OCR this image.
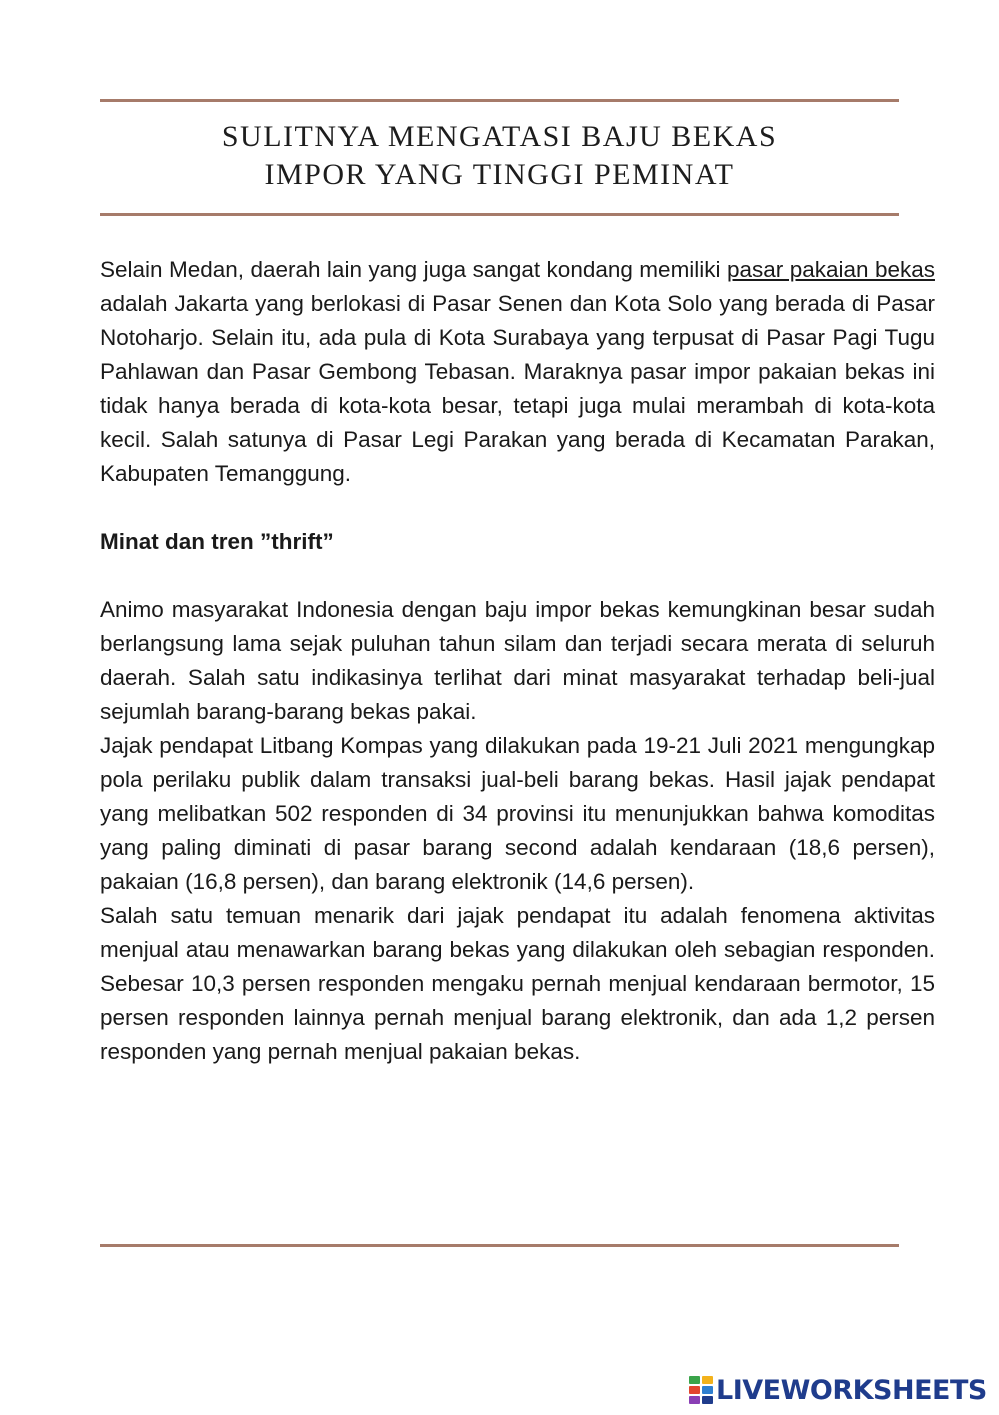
SULITNYA MENGATASI BAJU BEKAS
IMPOR YANG TINGGI PEMINAT

Selain Medan, daerah lain yang juga sangat kondang memiliki pasar pakaian bekas adalah Jakarta yang berlokasi di Pasar Senen dan Kota Solo yang berada di Pasar Notoharjo. Selain itu, ada pula di Kota Surabaya yang terpusat di Pasar Pagi Tugu Pahlawan dan Pasar Gembong Tebasan. Maraknya pasar impor pakaian bekas ini tidak hanya berada di kota-kota besar, tetapi juga mulai merambah di kota-kota kecil. Salah satunya di Pasar Legi Parakan yang berada di Kecamatan Parakan, Kabupaten Temanggung.

Minat dan tren ”thrift”

Animo masyarakat Indonesia dengan baju impor bekas kemungkinan besar sudah berlangsung lama sejak puluhan tahun silam dan terjadi secara merata di seluruh daerah. Salah satu indikasinya terlihat dari minat masyarakat terhadap beli-jual sejumlah barang-barang bekas pakai.

Jajak pendapat Litbang Kompas yang dilakukan pada 19-21 Juli 2021 mengungkap pola perilaku publik dalam transaksi jual-beli barang bekas. Hasil jajak pendapat yang melibatkan 502 responden di 34 provinsi itu menunjukkan bahwa komoditas yang paling diminati di pasar barang second adalah kendaraan (18,6 persen), pakaian (16,8 persen), dan barang elektronik (14,6 persen).

Salah satu temuan menarik dari jajak pendapat itu adalah fenomena aktivitas menjual atau menawarkan barang bekas yang dilakukan oleh sebagian responden. Sebesar 10,3 persen responden mengaku pernah menjual kendaraan bermotor, 15 persen responden lainnya pernah menjual barang elektronik, dan ada 1,2 persen responden yang pernah menjual pakaian bekas.

LIVEWORKSHEETS
